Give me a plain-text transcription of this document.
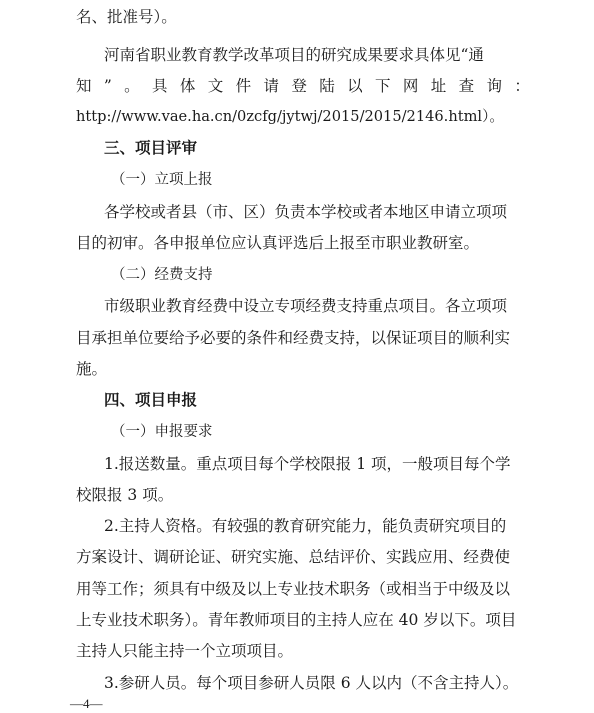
名、批准号）。
河南省职业教育教学改革项目的研究成果要求具体见“通
知 ” 。 具 体 文 件 请 登 陆 以 下 网 址 查 询 ：
http://www.vae.ha.cn/0zcfg/jytwj/2015/2015/2146.html）。
三、项目评审
（一）立项上报
各学校或者县（市、区）负责本学校或者本地区申请立项项
目的初审。各申报单位应认真评选后上报至市职业教研室。
（二）经费支持
市级职业教育经费中设立专项经费支持重点项目。各立项项
目承担单位要给予必要的条件和经费支持，以保证项目的顺利实
施。
四、项目申报
（一）申报要求
1.报送数量。重点项目每个学校限报 1 项，一般项目每个学
校限报 3 项。
2.主持人资格。有较强的教育研究能力，能负责研究项目的
方案设计、调研论证、研究实施、总结评价、实践应用、经费使
用等工作；须具有中级及以上专业技术职务（或相当于中级及以
上专业技术职务）。青年教师项目的主持人应在 40 岁以下。项目
主持人只能主持一个立项项目。
3.参研人员。每个项目参研人员限 6 人以内（不含主持人）。
—4—
